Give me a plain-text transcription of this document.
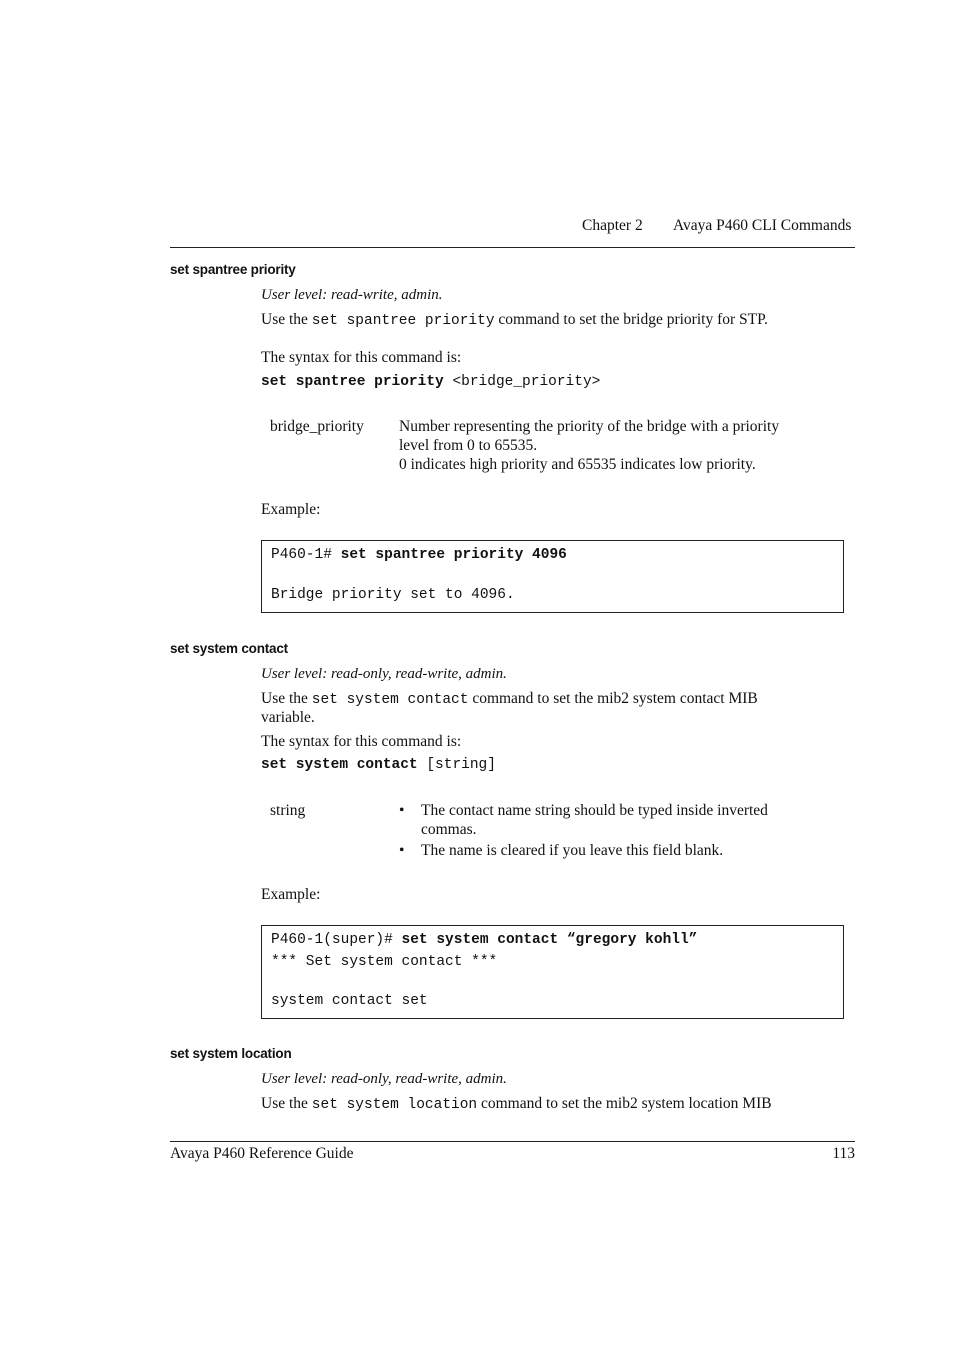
Chapter 2 Avaya P460 CLI Commands
set spantree priority
User level: read-write, admin.
Use the set spantree priority command to set the bridge priority for STP.
The syntax for this command is:
set spantree priority <bridge_priority>
bridge_priority Number representing the priority of the bridge with a priority
level from 0 to 65535.
0 indicates high priority and 65535 indicates low priority.
Example:
P460-1# set spantree priority 4096
Bridge priority set to 4096.
set system contact
User level: read-only, read-write, admin.
Use the set system contact command to set the mib2 system contact MIB
variable.
The syntax for this command is:
set system contact [string]
string	• The contact name string should be typed inside inverted
commas.
• The name is cleared if you leave this field blank.
Example:
P460-1(super)# set system contact “gregory kohll”
*** Set system contact ***
system contact set
set system location
User level: read-only, read-write, admin.
Use the set system location command to set the mib2 system location MIB
Avaya P460 Reference Guide	113
